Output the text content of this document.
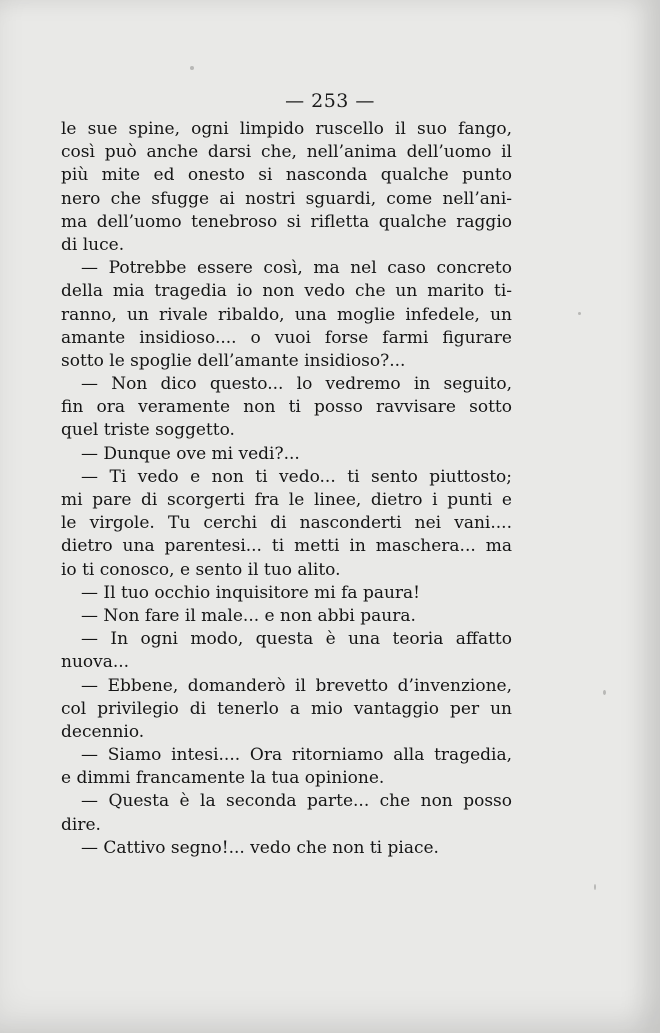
— 253 —
le sue spine, ogni limpido ruscello il suo fango,
così può anche darsi che, nell’anima dell’uomo il
più mite ed onesto si nasconda qualche punto
nero che sfugge ai nostri sguardi, come nell’ani-
ma dell’uomo tenebroso si rifletta qualche raggio
di luce.
— Potrebbe essere così, ma nel caso concreto
della mia tragedia io non vedo che un marito ti-
ranno, un rivale ribaldo, una moglie infedele, un
amante insidioso.... o vuoi forse farmi figurare
sotto le spoglie dell’amante insidioso?...
— Non dico questo... lo vedremo in seguito,
fin ora veramente non ti posso ravvisare sotto
quel triste soggetto.
— Dunque ove mi vedi?...
— Ti vedo e non ti vedo... ti sento piuttosto;
mi pare di scorgerti fra le linee, dietro i punti e
le virgole. Tu cerchi di nasconderti nei vani....
dietro una parentesi... ti metti in maschera... ma
io ti conosco, e sento il tuo alito.
— Il tuo occhio inquisitore mi fa paura!
— Non fare il male... e non abbi paura.
— In ogni modo, questa è una teoria affatto
nuova...
— Ebbene, domanderò il brevetto d’invenzione,
col privilegio di tenerlo a mio vantaggio per un
decennio.
— Siamo intesi.... Ora ritorniamo alla tragedia,
e dimmi francamente la tua opinione.
— Questa è la seconda parte... che non posso
dire.
— Cattivo segno!... vedo che non ti piace.
